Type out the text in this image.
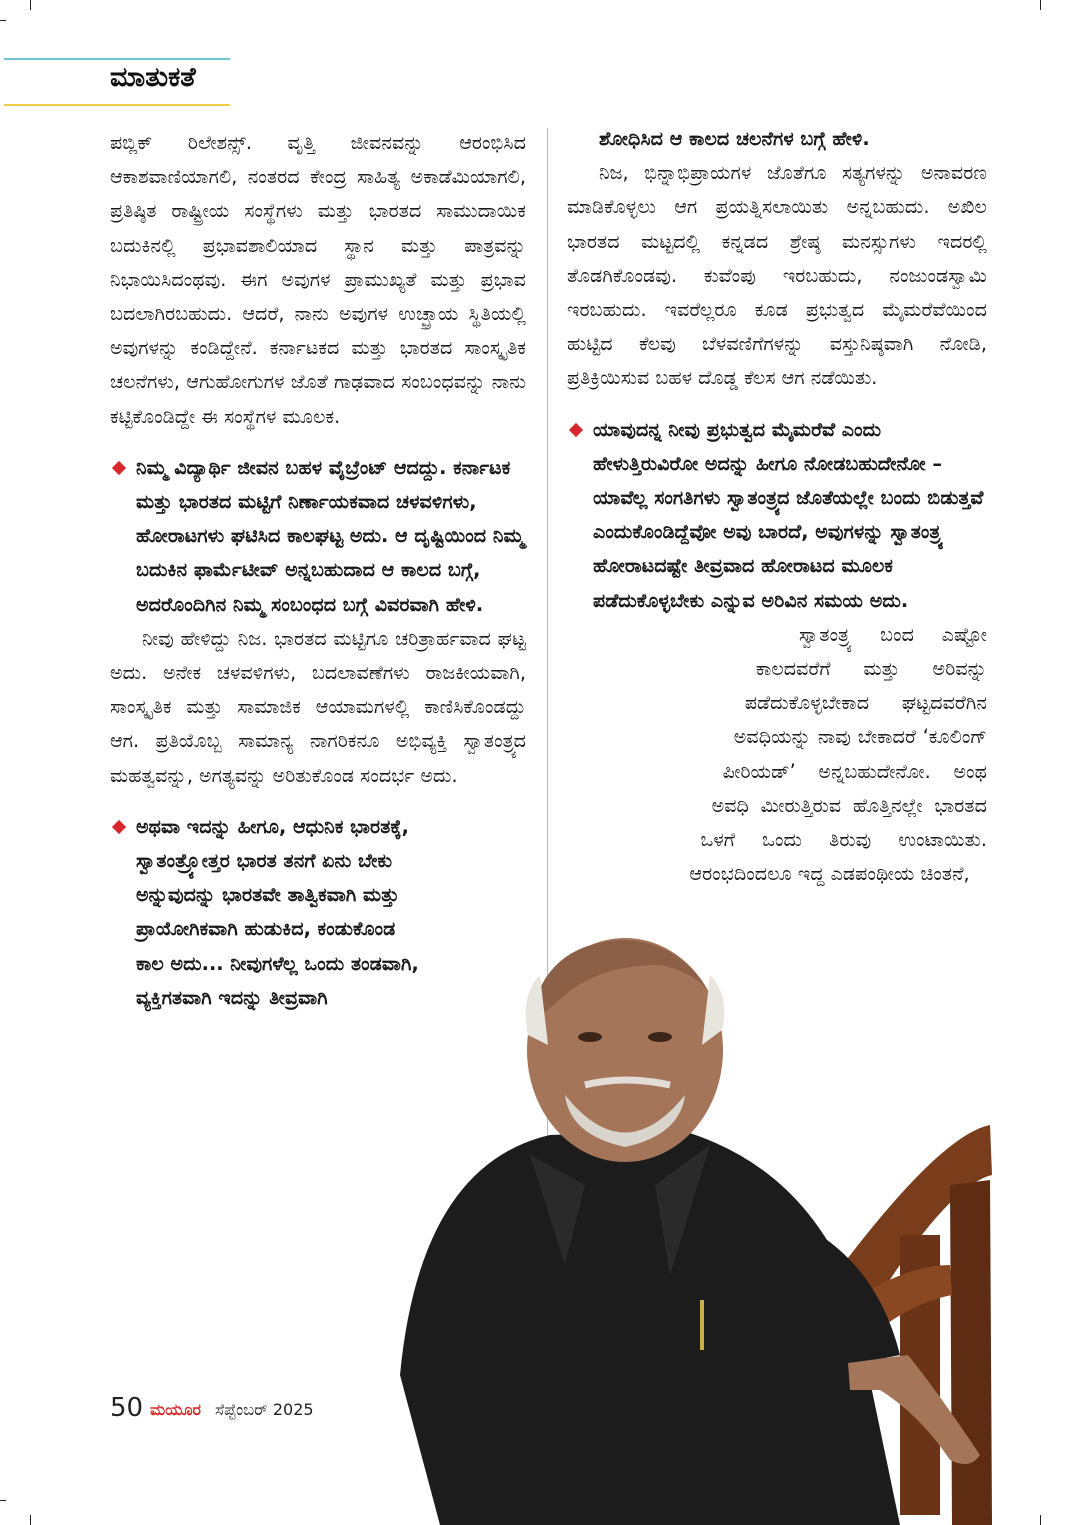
ಮಾತುಕತೆ

ಪಬ್ಲಿಕ್ ರಿಲೇಶನ್ಸ್. ವೃತ್ತಿ ಜೀವನವನ್ನು ಆರಂಭಿಸಿದ ಆಕಾಶವಾಣಿಯಾಗಲಿ, ನಂತರದ ಕೇಂದ್ರ ಸಾಹಿತ್ಯ ಅಕಾಡೆಮಿಯಾಗಲಿ, ಪ್ರತಿಷ್ಠಿತ ರಾಷ್ಟ್ರೀಯ ಸಂಸ್ಥೆಗಳು ಮತ್ತು ಭಾರತದ ಸಾಮುದಾಯಿಕ ಬದುಕಿನಲ್ಲಿ ಪ್ರಭಾವಶಾಲಿಯಾದ ಸ್ಥಾನ ಮತ್ತು ಪಾತ್ರವನ್ನು ನಿಭಾಯಿಸಿದಂಥವು. ಈಗ ಅವುಗಳ ಪ್ರಾಮುಖ್ಯತೆ ಮತ್ತು ಪ್ರಭಾವ ಬದಲಾಗಿರಬಹುದು. ಆದರೆ, ನಾನು ಅವುಗಳ ಉಚ್ಛ್ರಾಯ ಸ್ಥಿತಿಯಲ್ಲಿ ಅವುಗಳನ್ನು ಕಂಡಿದ್ದೇನೆ. ಕರ್ನಾಟಕದ ಮತ್ತು ಭಾರತದ ಸಾಂಸ್ಕೃತಿಕ ಚಲನೆಗಳು, ಆಗುಹೋಗುಗಳ ಜೊತೆ ಗಾಢವಾದ ಸಂಬಂಧವನ್ನು ನಾನು ಕಟ್ಟಿಕೊಂಡಿದ್ದೇ ಈ ಸಂಸ್ಥೆಗಳ ಮೂಲಕ.

ನಿಮ್ಮ ವಿದ್ಯಾರ್ಥಿ ಜೀವನ ಬಹಳ ವೈಬ್ರೆಂಟ್ ಆದದ್ದು. ಕರ್ನಾಟಕ ಮತ್ತು ಭಾರತದ ಮಟ್ಟಿಗೆ ನಿರ್ಣಾಯಕವಾದ ಚಳವಳಿಗಳು, ಹೋರಾಟಗಳು ಘಟಿಸಿದ ಕಾಲಘಟ್ಟ ಅದು. ಆ ದೃಷ್ಟಿಯಿಂದ ನಿಮ್ಮ ಬದುಕಿನ ಫಾರ್ಮೆಟೀವ್ ಅನ್ನಬಹುದಾದ ಆ ಕಾಲದ ಬಗ್ಗೆ, ಅದರೊಂದಿಗಿನ ನಿಮ್ಮ ಸಂಬಂಧದ ಬಗ್ಗೆ ವಿವರವಾಗಿ ಹೇಳಿ.

ನೀವು ಹೇಳಿದ್ದು ನಿಜ. ಭಾರತದ ಮಟ್ಟಿಗೂ ಚರಿತ್ರಾರ್ಹವಾದ ಘಟ್ಟ ಅದು. ಅನೇಕ ಚಳವಳಿಗಳು, ಬದಲಾವಣೆಗಳು ರಾಜಕೀಯವಾಗಿ, ಸಾಂಸ್ಕೃತಿಕ ಮತ್ತು ಸಾಮಾಜಿಕ ಆಯಾಮಗಳಲ್ಲಿ ಕಾಣಿಸಿಕೊಂಡದ್ದು ಆಗ. ಪ್ರತಿಯೊಬ್ಬ ಸಾಮಾನ್ಯ ನಾಗರಿಕನೂ ಅಭಿವ್ಯಕ್ತಿ ಸ್ವಾತಂತ್ರ್ಯದ ಮಹತ್ವವನ್ನು, ಅಗತ್ಯವನ್ನು ಅರಿತುಕೊಂಡ ಸಂದರ್ಭ ಅದು.

ಅಥವಾ ಇದನ್ನು ಹೀಗೂ, ಆಧುನಿಕ ಭಾರತಕ್ಕೆ, ಸ್ವಾತಂತ್ರ್ಯೋತ್ತರ ಭಾರತ ತನಗೆ ಏನು ಬೇಕು ಅನ್ನುವುದನ್ನು ಭಾರತವೇ ತಾತ್ವಿಕವಾಗಿ ಮತ್ತು ಪ್ರಾಯೋಗಿಕವಾಗಿ ಹುಡುಕಿದ, ಕಂಡುಕೊಂಡ ಕಾಲ ಅದು... ನೀವುಗಳೆಲ್ಲ ಒಂದು ತಂಡವಾಗಿ, ವ್ಯಕ್ತಿಗತವಾಗಿ ಇದನ್ನು ತೀವ್ರವಾಗಿ

ಶೋಧಿಸಿದ ಆ ಕಾಲದ ಚಲನೆಗಳ ಬಗ್ಗೆ ಹೇಳಿ.

ನಿಜ, ಭಿನ್ನಾಭಿಪ್ರಾಯಗಳ ಜೊತೆಗೂ ಸತ್ಯಗಳನ್ನು ಅನಾವರಣ ಮಾಡಿಕೊಳ್ಳಲು ಆಗ ಪ್ರಯತ್ನಿಸಲಾಯಿತು ಅನ್ನಬಹುದು. ಅಖಿಲ ಭಾರತದ ಮಟ್ಟದಲ್ಲಿ ಕನ್ನಡದ ಶ್ರೇಷ್ಠ ಮನಸ್ಸುಗಳು ಇದರಲ್ಲಿ ತೊಡಗಿಕೊಂಡವು. ಕುವೆಂಪು ಇರಬಹುದು, ನಂಜುಂಡಸ್ವಾಮಿ ಇರಬಹುದು. ಇವರೆಲ್ಲರೂ ಕೂಡ ಪ್ರಭುತ್ವದ ಮೈಮರೆವೆಯಿಂದ ಹುಟ್ಟಿದ ಕೆಲವು ಬೆಳವಣಿಗೆಗಳನ್ನು ವಸ್ತುನಿಷ್ಠವಾಗಿ ನೋಡಿ, ಪ್ರತಿಕ್ರಿಯಿಸುವ ಬಹಳ ದೊಡ್ಡ ಕೆಲಸ ಆಗ ನಡೆಯಿತು.

ಯಾವುದನ್ನ ನೀವು ಪ್ರಭುತ್ವದ ಮೈಮರೆವೆ ಎಂದು ಹೇಳುತ್ತಿರುವಿರೋ ಅದನ್ನು ಹೀಗೂ ನೋಡಬಹುದೇನೋ – ಯಾವೆಲ್ಲ ಸಂಗತಿಗಳು ಸ್ವಾತಂತ್ರ್ಯದ ಜೊತೆಯಲ್ಲೇ ಬಂದು ಬಿಡುತ್ತವೆ ಎಂದುಕೊಂಡಿದ್ದೆವೋ ಅವು ಬಾರದೆ, ಅವುಗಳನ್ನು ಸ್ವಾತಂತ್ರ್ಯ ಹೋರಾಟದಷ್ಟೇ ತೀವ್ರವಾದ ಹೋರಾಟದ ಮೂಲಕ ಪಡೆದುಕೊಳ್ಳಬೇಕು ಎನ್ನುವ ಅರಿವಿನ ಸಮಯ ಅದು.

ಸ್ವಾತಂತ್ರ್ಯ ಬಂದ ಎಷ್ಟೋ ಕಾಲದವರೆಗೆ ಮತ್ತು ಅರಿವನ್ನು ಪಡೆದುಕೊಳ್ಳಬೇಕಾದ ಘಟ್ಟದವರೆಗಿನ ಅವಧಿಯನ್ನು ನಾವು ಬೇಕಾದರೆ ‘ಕೂಲಿಂಗ್ ಪೀರಿಯಡ್’ ಅನ್ನಬಹುದೇನೋ. ಅಂಥ ಅವಧಿ ಮೀರುತ್ತಿರುವ ಹೊತ್ತಿನಲ್ಲೇ ಭಾರತದ ಒಳಗೆ ಒಂದು ತಿರುವು ಉಂಟಾಯಿತು. ಆರಂಭದಿಂದಲೂ ಇದ್ದ ಎಡಪಂಥೀಯ ಚಿಂತನೆ,

50 ಮಯೂರ ಸೆಪ್ಟೆಂಬರ್ 2025
